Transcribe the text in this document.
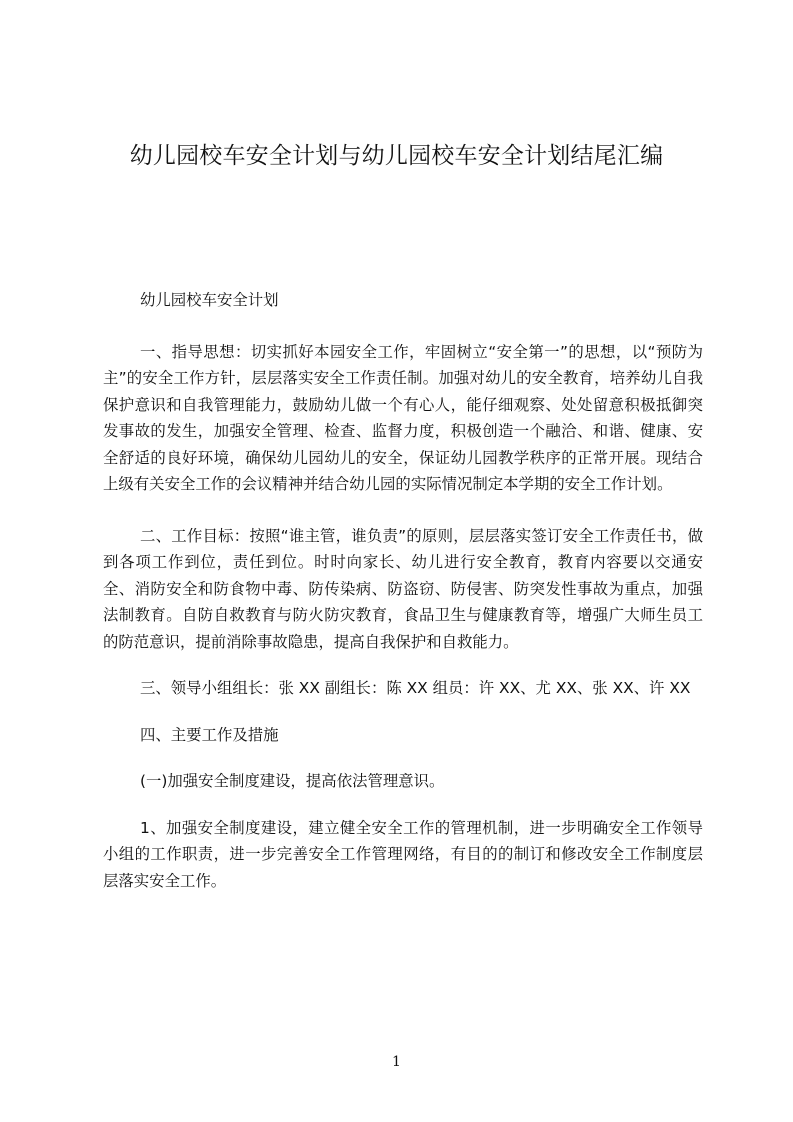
幼儿园校车安全计划与幼儿园校车安全计划结尾汇编

幼儿园校车安全计划

一、指导思想：切实抓好本园安全工作，牢固树立“安全第一”的思想，以“预防为主”的安全工作方针，层层落实安全工作责任制。加强对幼儿的安全教育，培养幼儿自我保护意识和自我管理能力，鼓励幼儿做一个有心人，能仔细观察、处处留意积极抵御突发事故的发生，加强安全管理、检查、监督力度，积极创造一个融洽、和谐、健康、安全舒适的良好环境，确保幼儿园幼儿的安全，保证幼儿园教学秩序的正常开展。现结合上级有关安全工作的会议精神并结合幼儿园的实际情况制定本学期的安全工作计划。

二、工作目标：按照“谁主管，谁负责”的原则，层层落实签订安全工作责任书，做到各项工作到位，责任到位。时时向家长、幼儿进行安全教育，教育内容要以交通安全、消防安全和防食物中毒、防传染病、防盗窃、防侵害、防突发性事故为重点，加强法制教育。自防自救教育与防火防灾教育，食品卫生与健康教育等，增强广大师生员工的防范意识，提前消除事故隐患，提高自我保护和自救能力。

三、领导小组组长：张 XX 副组长：陈 XX 组员：许 XX、尤 XX、张 XX、许 XX

四、主要工作及措施

(一)加强安全制度建设，提高依法管理意识。

1、加强安全制度建设，建立健全安全工作的管理机制，进一步明确安全工作领导小组的工作职责，进一步完善安全工作管理网络，有目的的制订和修改安全工作制度层层落实安全工作。

1
